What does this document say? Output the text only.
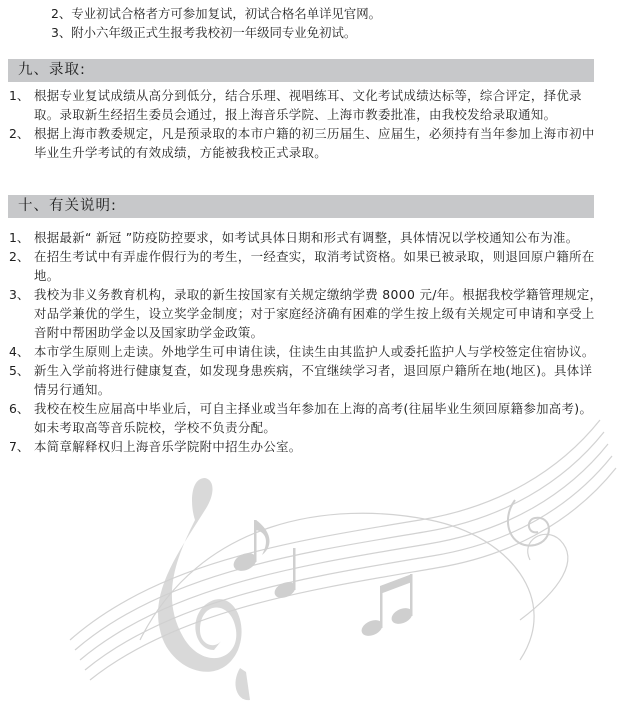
2、专业初试合格者方可参加复试，初试合格名单详见官网。

3、附小六年级正式生报考我校初一年级同专业免初试。

九、录取:
1、 根据专业复试成绩从高分到低分，结合乐理、视唱练耳、文化考试成绩达标等，综合评定，择优录取。录取新生经招生委员会通过，报上海音乐学院、上海市教委批准，由我校发给录取通知。
2、 根据上海市教委规定，凡是预录取的本市户籍的初三历届生、应届生，必须持有当年参加上海市初中毕业生升学考试的有效成绩，方能被我校正式录取。
十、有关说明:
1、 根据最新“ 新冠 ”防疫防控要求，如考试具体日期和形式有调整，具体情况以学校通知公布为准。
2、 在招生考试中有弄虚作假行为的考生，一经查实，取消考试资格。如果已被录取，则退回原户籍所在地。
3、 我校为非义务教育机构，录取的新生按国家有关规定缴纳学费 8000 元/年。根据我校学籍管理规定，对品学兼优的学生，设立奖学金制度；对于家庭经济确有困难的学生按上级有关规定可申请和享受上音附中帮困助学金以及国家助学金政策。
4、 本市学生原则上走读。外地学生可申请住读，住读生由其监护人或委托监护人与学校签定住宿协议。
5、 新生入学前将进行健康复查，如发现身患疾病，不宜继续学习者，退回原户籍所在地(地区)。具体详情另行通知。
6、 我校在校生应届高中毕业后，可自主择业或当年参加在上海的高考(往届毕业生须回原籍参加高考)。如未考取高等音乐院校，学校不负责分配。
7、 本简章解释权归上海音乐学院附中招生办公室。
